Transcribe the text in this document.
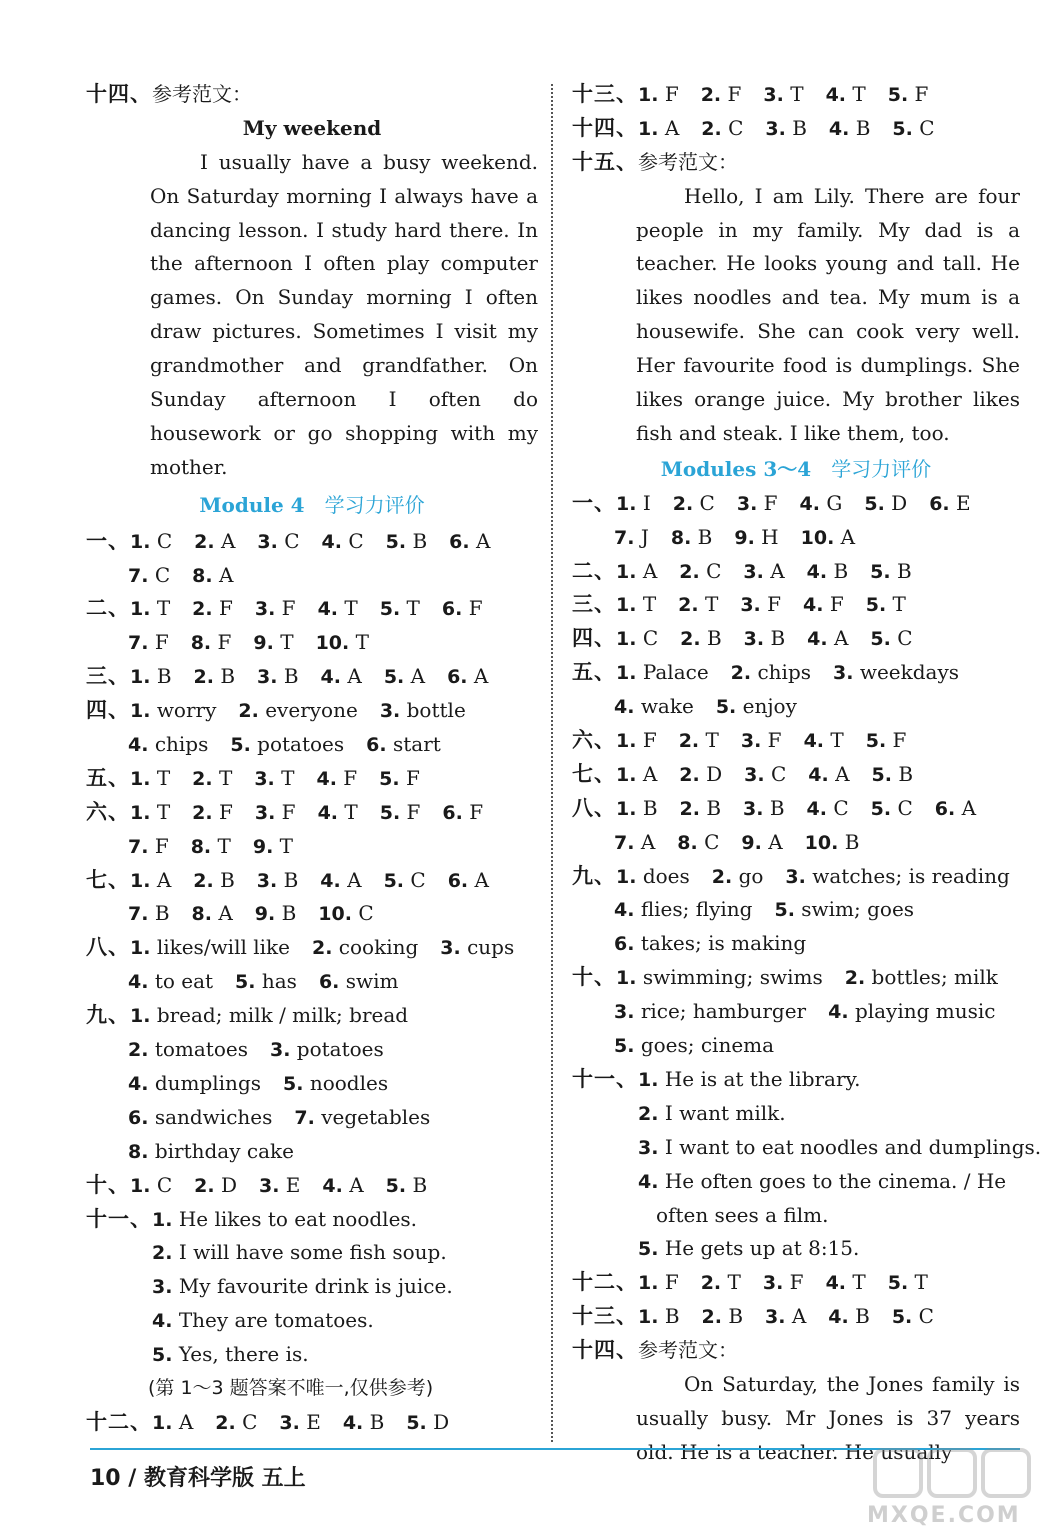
十四、参考范文：
My weekend
I usually have a busy weekend.
On Saturday morning I always have a
dancing lesson. I study hard there. In
the afternoon I often play computer
games. On Sunday morning I often
draw pictures. Sometimes I visit my
grandmother and grandfather. On
Sunday afternoon I often do
housework or go shopping with my
mother.
Module 4 学习力评价
一、1. C 2. A 3. C 4. C 5. B 6. A
7. C 8. A
二、1. T 2. F 3. F 4. T 5. T 6. F
7. F 8. F 9. T 10. T
三、1. B 2. B 3. B 4. A 5. A 6. A
四、1. worry 2. everyone 3. bottle
4. chips 5. potatoes 6. start
五、1. T 2. T 3. T 4. F 5. F
六、1. T 2. F 3. F 4. T 5. F 6. F
7. F 8. T 9. T
七、1. A 2. B 3. B 4. A 5. C 6. A
7. B 8. A 9. B 10. C
八、1. likes/will like 2. cooking 3. cups
4. to eat 5. has 6. swim
九、1. bread; milk / milk; bread
2. tomatoes 3. potatoes
4. dumplings 5. noodles
6. sandwiches 7. vegetables
8. birthday cake
十、1. C 2. D 3. E 4. A 5. B
十一、1. He likes to eat noodles.
2. I will have some fish soup.
3. My favourite drink is juice.
4. They are tomatoes.
5. Yes, there is.
(第 1～3 题答案不唯一,仅供参考)
十二、1. A 2. C 3. E 4. B 5. D
十三、1. F 2. F 3. T 4. T 5. F
十四、1. A 2. C 3. B 4. B 5. C
十五、参考范文：
Hello, I am Lily. There are four
people in my family. My dad is a
teacher. He looks young and tall. He
likes noodles and tea. My mum is a
housewife. She can cook very well.
Her favourite food is dumplings. She
likes orange juice. My brother likes
fish and steak. I like them, too.
Modules 3～4 学习力评价
一、1. I 2. C 3. F 4. G 5. D 6. E
7. J 8. B 9. H 10. A
二、1. A 2. C 3. A 4. B 5. B
三、1. T 2. T 3. F 4. F 5. T
四、1. C 2. B 3. B 4. A 5. C
五、1. Palace 2. chips 3. weekdays
4. wake 5. enjoy
六、1. F 2. T 3. F 4. T 5. F
七、1. A 2. D 3. C 4. A 5. B
八、1. B 2. B 3. B 4. C 5. C 6. A
7. A 8. C 9. A 10. B
九、1. does 2. go 3. watches; is reading
4. flies; flying 5. swim; goes
6. takes; is making
十、1. swimming; swims 2. bottles; milk
3. rice; hamburger 4. playing music
5. goes; cinema
十一、1. He is at the library.
2. I want milk.
3. I want to eat noodles and dumplings.
4. He often goes to the cinema. / He
often sees a film.
5. He gets up at 8:15.
十二、1. F 2. T 3. F 4. T 5. T
十三、1. B 2. B 3. A 4. B 5. C
十四、参考范文：
On Saturday, the Jones family is
usually busy. Mr Jones is 37 years
old. He is a teacher. He usually
10 / 教育科学版 五上
MXQE.COM
